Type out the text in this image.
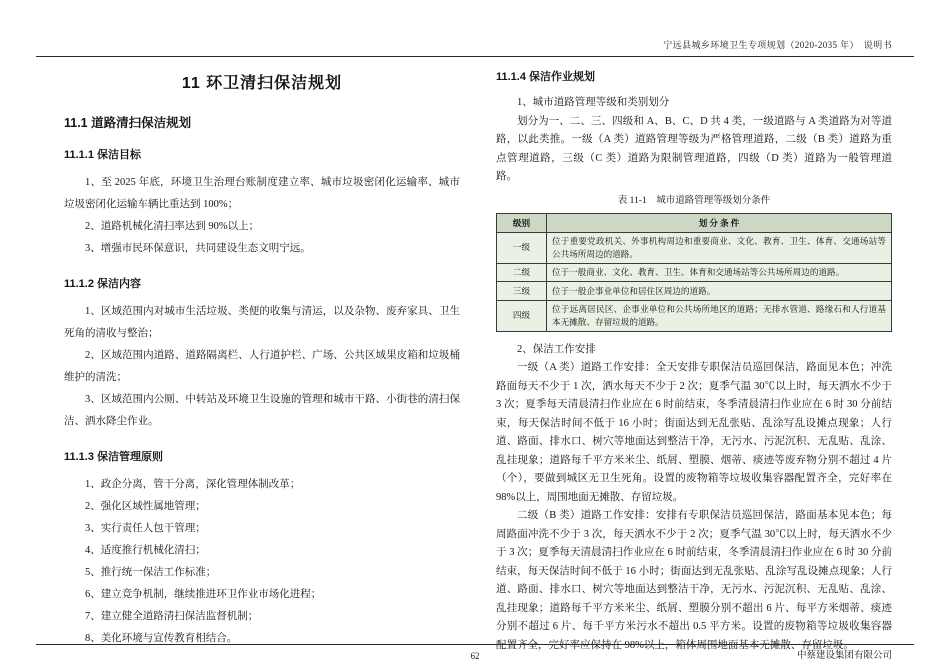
宁远县城乡环境卫生专项规划（2020-2035 年）　说明书
11 环卫清扫保洁规划
11.1 道路清扫保洁规划
11.1.1 保洁目标

1、至 2025 年底，环境卫生治理台账制度建立率、城市垃圾密闭化运输率、城市垃圾密闭化运输车辆比重达到 100%；

2、道路机械化清扫率达到 90%以上；

3、增强市民环保意识，共同建设生态文明宁远。

11.1.2 保洁内容

1、区域范围内对城市生活垃圾、类便的收集与清运，以及杂物、废弃家具、卫生死角的清收与整治；

2、区域范围内道路、道路隔离栏、人行道护栏、广场、公共区域果皮箱和垃圾桶维护的清洗；

3、区域范围内公厕、中转站及环境卫生设施的管理和城市干路、小街巷的清扫保洁、洒水降尘作业。

11.1.3 保洁管理原则

1、政企分离，管干分离，深化管理体制改革；

2、强化区域性属地管理；

3、实行责任人包干管理；

4、适度推行机械化清扫；

5、推行统一保洁工作标准；

6、建立竞争机制，继续推进环卫作业市场化进程；

7、建立健全道路清扫保洁监督机制；

8、美化环境与宣传教育相结合。

11.1.4 保洁作业规划

1、城市道路管理等级和类别划分

划分为一、二、三、四级和 A、B、C、D 共 4 类，一级道路与 A 类道路为对等道路，以此类推。一级（A 类）道路管理等级为严格管理道路，二级（B 类）道路为重点管理道路，三级（C 类）道路为限制管理道路，四级（D 类）道路为一般管理道路。

表 11-1　城市道路管理等级划分条件

级别	划 分 条 件
一级	位于重要党政机关、外事机构周边和重要商业、文化、教育、卫生、体育、交通场站等公共场所周边的道路。
二级	位于一般商业、文化、教育、卫生、体育和交通场站等公共场所周边的道路。
三级	位于一般企事业单位和居住区周边的道路。
四级	位于远离居民区、企事业单位和公共场所地区的道路；无排水管道、路缘石和人行道基本无摊散、存留垃圾的道路。

2、保洁工作安排

一级（A 类）道路工作安排：全天安排专职保洁员巡回保洁，路面见本色；冲洗路面每天不少于 1 次，洒水每天不少于 2 次；夏季气温 30℃以上时，每天洒水不少于 3 次；夏季每天清晨清扫作业应在 6 时前结束，冬季清晨清扫作业应在 6 时 30 分前结束，每天保洁时间不低于 16 小时；街面达到无乱张贴、乱涂写乱设摊点现象；人行道、路面、排水口、树穴等地面达到整洁干净，无污水、污泥沉积、无乱贴、乱涂、乱挂现象；道路每千平方米米尘、纸屑、塑膜、烟蒂、痰迹等废弃物分别不超过 4 片（个），要做到城区无卫生死角。设置的废物箱等垃圾收集容器配置齐全，完好率在 98%以上，周围地面无摊散、存留垃圾。

二级（B 类）道路工作安排：安排有专职保洁员巡回保洁，路面基本见本色；每周路面冲洗不少于 3 次，每天洒水不少于 2 次；夏季气温 30℃以上时，每天洒水不少于 3 次；夏季每天清晨清扫作业应在 6 时前结束，冬季清晨清扫作业应在 6 时 30 分前结束，每天保洁时间不低于 16 小时；街面达到无乱张贴、乱涂写乱设摊点现象；人行道、路面、排水口、树穴等地面达到整洁干净，无污水、污泥沉积、无乱贴、乱涂、乱挂现象；道路每千平方米米尘、纸屑、塑膜分别不超出 6 片、每平方米烟蒂、痰迹分别不超过 6 片、每千平方米污水不超出 0.5 平方米。设置的废物箱等垃圾收集容器配置齐全，完好率应保持在 98%以上，箱体周围地面基本无摊散、存留垃圾。

62	中蔡建设集团有限公司
